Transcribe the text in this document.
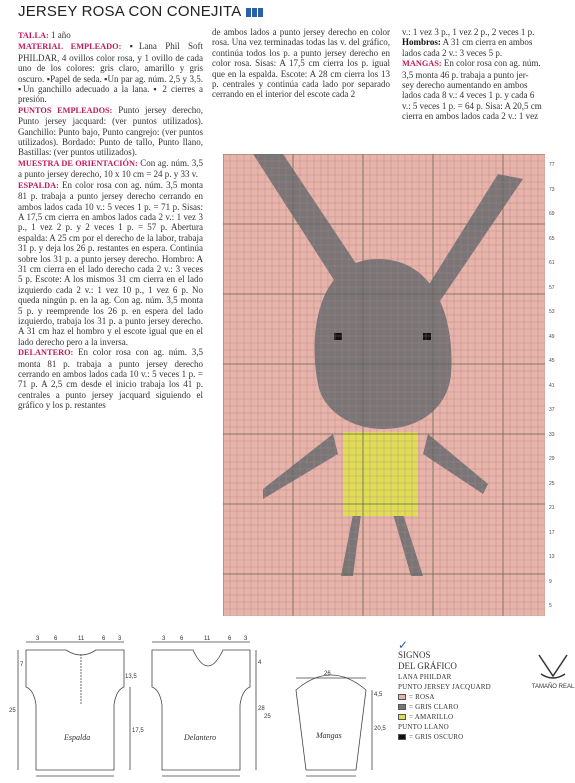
JERSEY ROSA CON CONEJITA

TALLA: 1 año

MATERIAL EMPLEADO: ▪Lana Phil Soft PHILDAR, 4 ovillos color rosa, y 1 ovillo de cada uno de los colores: gris claro, amarillo y gris oscuro. ▪Papel de seda. ▪Un par ag. núm. 2,5 y 3,5. ▪Un ganchillo adecuado a la lana. ▪ 2 cierres a presión.

PUNTOS EMPLEADOS: Punto jersey derecho, Punto jersey jacquard: (ver puntos utilizados). Ganchillo: Punto bajo, Punto cangrejo: (ver puntos utilizados). Bordado: Punto de tallo, Punto llano, Bastillas: (ver puntos utilizados).

MUESTRA DE ORIENTACIÓN: Con ag. núm. 3,5 a punto jersey derecho, 10 x 10 cm = 24 p. y 33 v.

ESPALDA: En color rosa con ag. núm. 3,5 monta 81 p. trabaja a punto jersey derecho cerrando en ambos lados cada 10 v.: 5 veces 1 p. = 71 p. Sisas: A 17,5 cm cierra en ambos lados cada 2 v.: 1 vez 3 p., 1 vez 2 p. y 2 veces 1 p. = 57 p. Abertura espalda: A 25 cm por el derecho de la labor, trabaja 31 p. y deja los 26 p. restantes en espera. Continúa sobre los 31 p. a punto jersey derecho. Hombro: A 31 cm cierra en el lado derecho cada 2 v.: 3 veces 5 p. Escote: A los mismos 31 cm cierra en el lado izquierdo cada 2 v.: 1 vez 10 p., 1 vez 6 p. No queda ningún p. en la ag. Con ag. núm. 3,5 monta 5 p. y reemprende los 26 p. en espera del lado izquierdo, trabaja los 31 p. a punto jersey derecho. A 31 cm haz el hombro y el escote igual que en el lado derecho pero a la inversa.

DELANTERO: En color rosa con ag. núm. 3,5 monta 81 p. trabaja a punto jersey derecho cerrando en ambos lados cada 10 v.: 5 veces 1 p. = 71 p. A 2,5 cm desde el inicio trabaja los 41 p. centrales a punto jersey jacquard siguiendo el gráfico y los p. restantes

de ambos lados a punto jersey derecho en color rosa. Una vez terminadas todas las v. del gráfico, continúa todos los p. a punto jersey derecho en color rosa. Sisas: A 17,5 cm cierra los p. igual que en la espalda. Escote: A 28 cm cierra los 13 p. centrales y continúa cada lado por separado cerrando en el interior del escote cada 2

v.: 1 vez 3 p., 1 vez 2 p., 2 veces 1 p.
Hombros: A 31 cm cierra en ambos
lados cada 2 v.: 3 veces 5 p.
MANGAS: En color rosa con ag. núm.
3,5 monta 46 p. trabaja a punto jer-
sey derecho aumentando en ambos
lados cada 8 v.: 4 veces 1 p. y cada 6
v.: 5 veces 1 p. = 64 p. Sisa: A 20,5 cm
cierra en ambos lados cada 2 v.: 1 vez
77
73
69
65
61
57
53
49
45
41
37
33
29
25
21
17
13
9
5
3 6	11	6 3	3 6	11	6 3
7
25
13,5
17,5
4
28
25
26
4,5
20,5
Espalda	Delantero	Mangas
✓
SIGNOS
DEL GRÁFICO
LANA PHILDAR
PUNTO JERSEY JACQUARD
= ROSA
= GRIS CLARO
= AMARILLO
PUNTO LLANO
= GRIS OSCURO
TAMAÑO REAL
